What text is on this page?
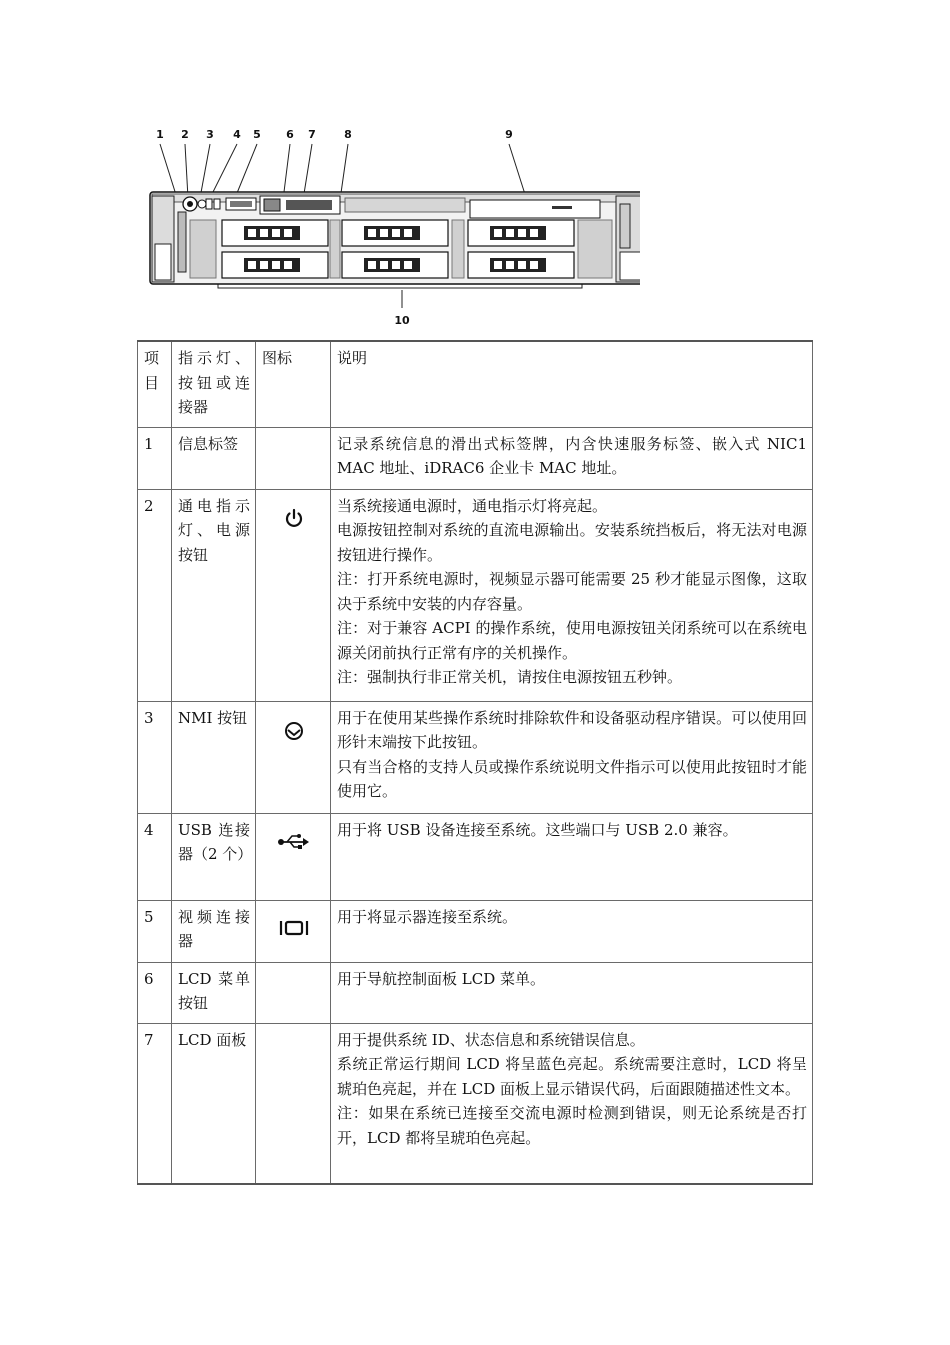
1 2 3 4 5 6 7	8	9
10
项目	指示灯、按钮或连接器	图标	说明
1	信息标签		记录系统信息的滑出式标签牌，内含快速服务标签、嵌入式 NIC1 MAC 地址、iDRAC6 企业卡 MAC 地址。

2	通电指示灯、电源按钮		当系统接通电源时，通电指示灯将亮起。

电源按钮控制对系统的直流电源输出。安装系统挡板后，将无法对电源按钮进行操作。

注：打开系统电源时，视频显示器可能需要 25 秒才能显示图像，这取决于系统中安装的内存容量。

注：对于兼容 ACPI 的操作系统，使用电源按钮关闭系统可以在系统电源关闭前执行正常有序的关机操作。

注：强制执行非正常关机，请按住电源按钮五秒钟。

3	NMI 按钮		用于在使用某些操作系统时排除软件和设备驱动程序错误。可以使用回形针末端按下此按钮。

只有当合格的支持人员或操作系统说明文件指示可以使用此按钮时才能使用它。

4	USB 连接器（2 个）		用于将 USB 设备连接至系统。这些端口与 USB 2.0 兼容。

5	视频连接器		用于将显示器连接至系统。

6	LCD 菜单按钮		用于导航控制面板 LCD 菜单。

7	LCD 面板		用于提供系统 ID、状态信息和系统错误信息。

系统正常运行期间 LCD 将呈蓝色亮起。系统需要注意时，LCD 将呈琥珀色亮起，并在 LCD 面板上显示错误代码，后面跟随描述性文本。

注：如果在系统已连接至交流电源时检测到错误，则无论系统是否打开，LCD 都将呈琥珀色亮起。
